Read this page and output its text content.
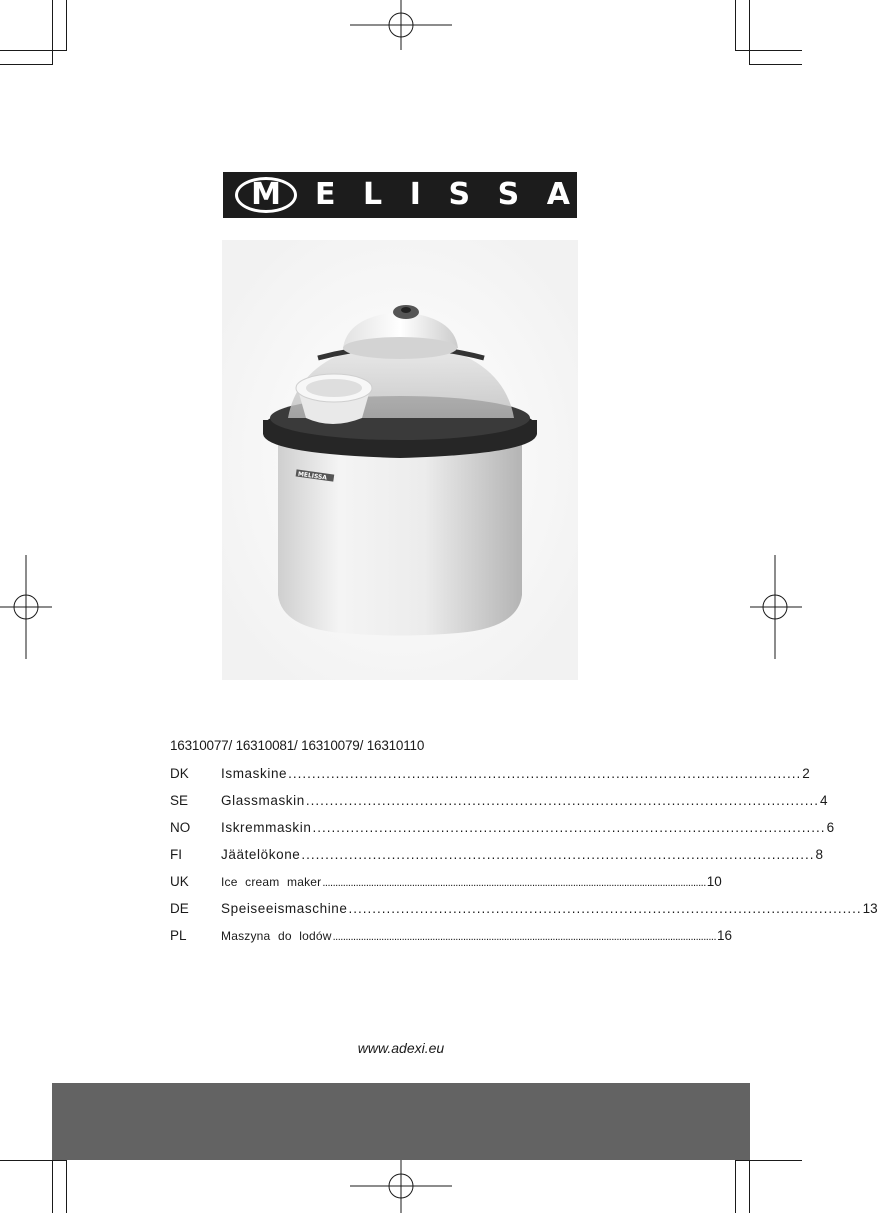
M E L I S S A
MELISSA
16310077/ 16310081/ 16310079/ 16310110
DK	Ismaskine ............................................................................................................ 2
SE	Glassmaskin ............................................................................................................ 4
NO	Iskremmaskin ............................................................................................................ 6
FI	Jäätelökone ............................................................................................................ 8
UK	Ice cream maker ...................................................................................................................................................... 10
DE	Speiseeismaschine ............................................................................................................ 13
PL	Maszyna do lodów ...................................................................................................................................................... 16
www.adexi.eu
